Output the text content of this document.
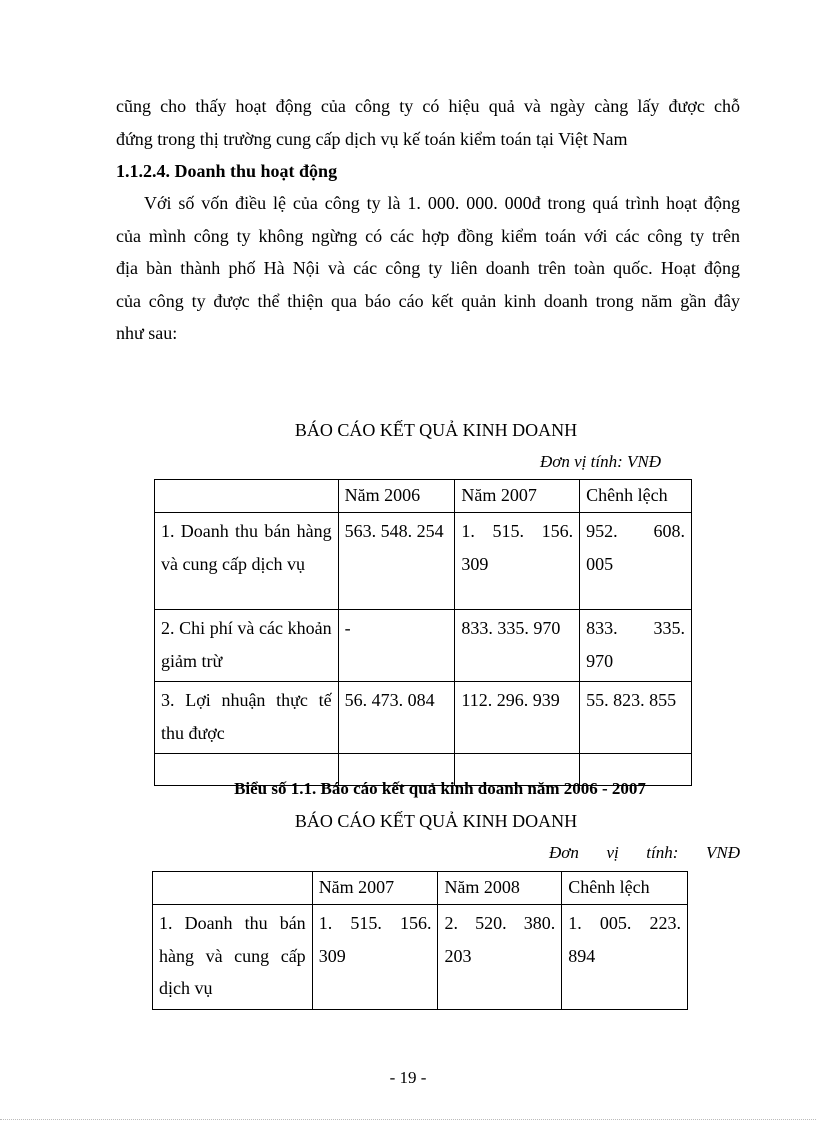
cũng cho thấy hoạt động của công ty có hiệu quả và ngày càng lấy được chỗ
đứng trong thị trường cung cấp dịch vụ kế toán kiểm toán tại Việt Nam
1.1.2.4. Doanh thu hoạt động
Với số vốn điều lệ của công ty là 1. 000. 000. 000đ trong quá trình hoạt động
của mình công ty không ngừng có các hợp đồng kiểm toán với các công ty trên
địa bàn thành phố Hà Nội và các công ty liên doanh trên toàn quốc. Hoạt động
của công ty được thể thiện qua báo cáo kết quản kinh doanh trong năm gần đây
như sau:
BÁO CÁO KẾT QUẢ KINH DOANH
Đơn vị tính: VNĐ
	Năm 2006	Năm 2007	Chênh lệch
1. Doanh thu bán hàng và cung cấp dịch vụ	563. 548. 254	1. 515. 156. 309	952. 608. 005
2. Chi phí và các khoản giảm trừ	-	833. 335. 970	833. 335. 970
3. Lợi nhuận thực tế thu được	56. 473. 084	112. 296. 939	55. 823. 855

Biểu số 1.1. Báo cáo kết quả kinh doanh năm 2006 - 2007
BÁO CÁO KẾT QUẢ KINH DOANH
Đơn vị tính: VNĐ
	Năm 2007	Năm 2008	Chênh lệch
1. Doanh thu bán hàng và cung cấp dịch vụ	1. 515. 156. 309	2. 520. 380. 203	1. 005. 223. 894
- 19 -
